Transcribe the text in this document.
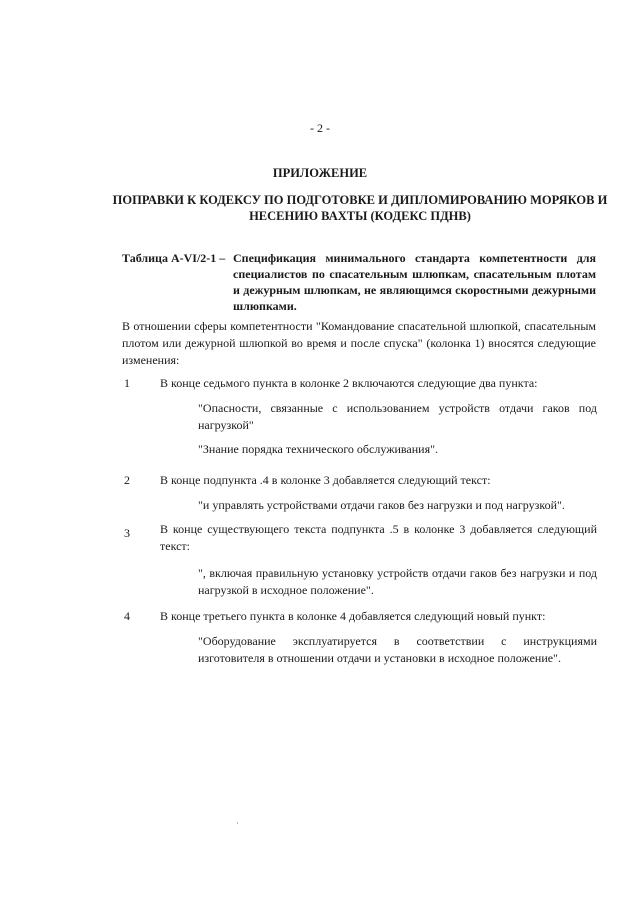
- 2 -
ПРИЛОЖЕНИЕ
ПОПРАВКИ К КОДЕКСУ ПО ПОДГОТОВКЕ И ДИПЛОМИРОВАНИЮ МОРЯКОВ И НЕСЕНИЮ ВАХТЫ (КОДЕКС ПДНВ)
Таблица А-VI/2-1 – Спецификация минимального стандарта компетентности для специалистов по спасательным шлюпкам, спасательным плотам и дежурным шлюпкам, не являющимся скоростными дежурными шлюпками.
В отношении сферы компетентности "Командование спасательной шлюпкой, спасательным плотом или дежурной шлюпкой во время и после спуска" (колонка 1) вносятся следующие изменения:
1	В конце седьмого пункта в колонке 2 включаются следующие два пункта:
"Опасности, связанные с использованием устройств отдачи гаков под нагрузкой"
"Знание порядка технического обслуживания".
2	В конце подпункта .4 в колонке 3 добавляется следующий текст:
"и управлять устройствами отдачи гаков без нагрузки и под нагрузкой".
3	В конце существующего текста подпункта .5 в колонке 3 добавляется следующий текст:
", включая правильную установку устройств отдачи гаков без нагрузки и под нагрузкой в исходное положение".
4	В конце третьего пункта в колонке 4 добавляется следующий новый пункт:
"Оборудование эксплуатируется в соответствии с инструкциями изготовителя в отношении отдачи и установки в исходное положение".
